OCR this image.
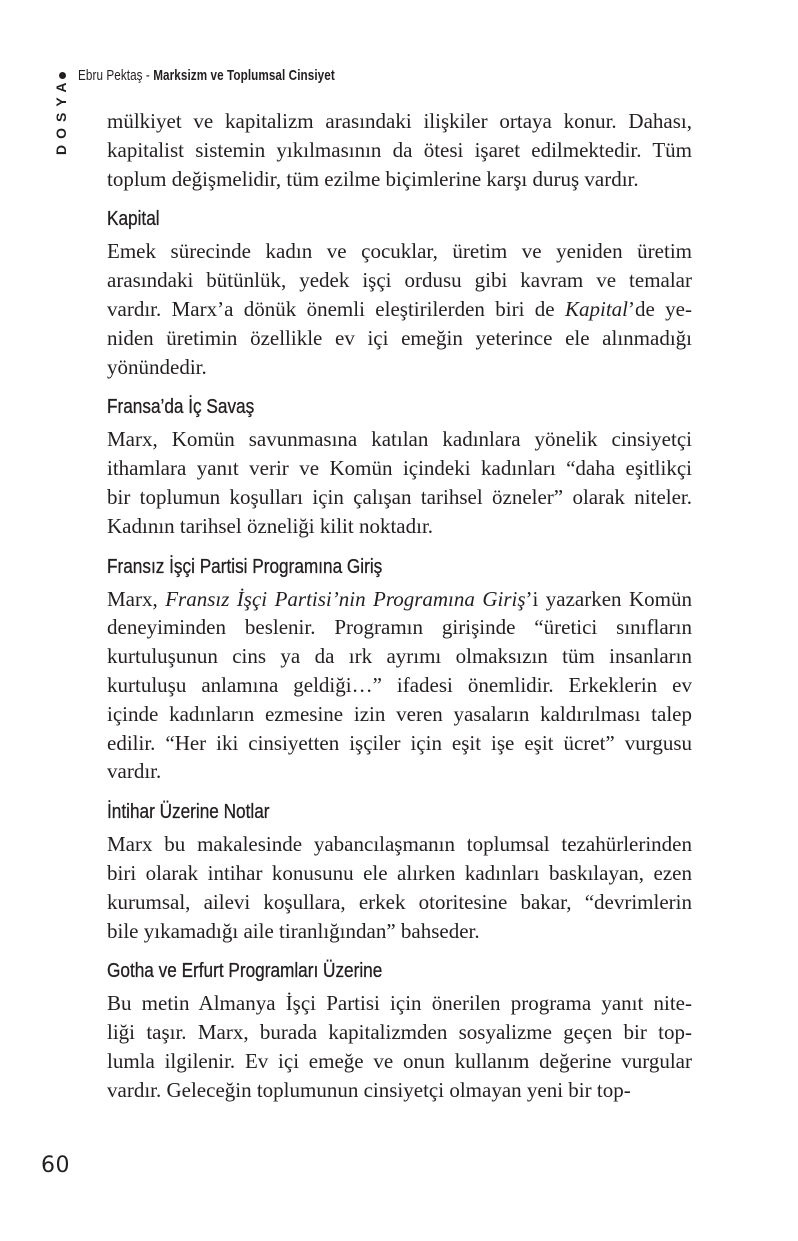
Ebru Pektaş - Marksizm ve Toplumsal Cinsiyet
DOSYA mülkiyet ve kapitalizm arasındaki ilişkiler ortaya konur. Dahası,
kapitalist sistemin yıkılmasının da ötesi işaret edilmektedir. Tüm
toplum değişmelidir, tüm ezilme biçimlerine karşı duruş vardır.

Kapital

Emek sürecinde kadın ve çocuklar, üretim ve yeniden üretim
arasındaki bütünlük, yedek işçi ordusu gibi kavram ve temalar
vardır. Marx’a dönük önemli eleştirilerden biri de Kapital’de ye-
niden üretimin özellikle ev içi emeğin yeterince ele alınmadığı
yönündedir.

Fransa’da İç Savaş

Marx, Komün savunmasına katılan kadınlara yönelik cinsiyetçi
ithamlara yanıt verir ve Komün içindeki kadınları “daha eşitlikçi
bir toplumun koşulları için çalışan tarihsel özneler” olarak niteler.
Kadının tarihsel özneliği kilit noktadır.

Fransız İşçi Partisi Programına Giriş

Marx, Fransız İşçi Partisi’nin Programına Giriş’i yazarken Komün
deneyiminden beslenir. Programın girişinde “üretici sınıfların
kurtuluşunun cins ya da ırk ayrımı olmaksızın tüm insanların
kurtuluşu anlamına geldiği…” ifadesi önemlidir. Erkeklerin ev
içinde kadınların ezmesine izin veren yasaların kaldırılması talep
edilir. “Her iki cinsiyetten işçiler için eşit işe eşit ücret” vurgusu
vardır.

İntihar Üzerine Notlar

Marx bu makalesinde yabancılaşmanın toplumsal tezahürlerinden
biri olarak intihar konusunu ele alırken kadınları baskılayan, ezen
kurumsal, ailevi koşullara, erkek otoritesine bakar, “devrimlerin
bile yıkamadığı aile tiranlığından” bahseder.

Gotha ve Erfurt Programları Üzerine

Bu metin Almanya İşçi Partisi için önerilen programa yanıt nite-
liği taşır. Marx, burada kapitalizmden sosyalizme geçen bir top-
lumla ilgilenir. Ev içi emeğe ve onun kullanım değerine vurgular
vardır. Geleceğin toplumunun cinsiyetçi olmayan yeni bir top-

60
